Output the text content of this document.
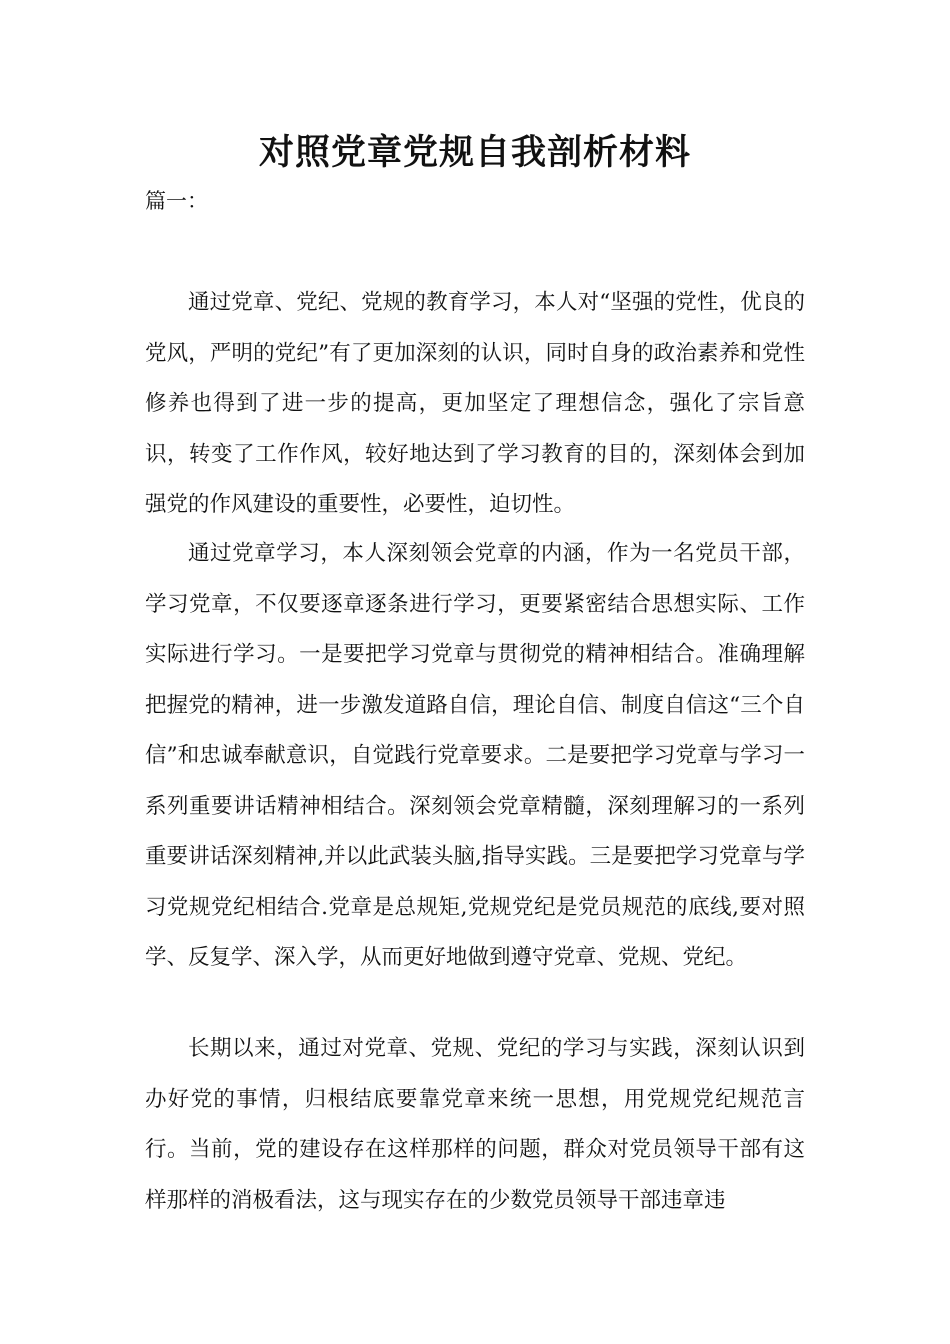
对照党章党规自我剖析材料

篇一：

通过党章、党纪、党规的教育学习，本人对“坚强的党性，优良的党风，严明的党纪”有了更加深刻的认识，同时自身的政治素养和党性修养也得到了进一步的提高，更加坚定了理想信念，强化了宗旨意识，转变了工作作风，较好地达到了学习教育的目的，深刻体会到加强党的作风建设的重要性，必要性，迫切性。

通过党章学习，本人深刻领会党章的内涵，作为一名党员干部，学习党章，不仅要逐章逐条进行学习，更要紧密结合思想实际、工作实际进行学习。一是要把学习党章与贯彻党的精神相结合。准确理解把握党的精神，进一步激发道路自信，理论自信、制度自信这“三个自信”和忠诚奉献意识，自觉践行党章要求。二是要把学习党章与学习一系列重要讲话精神相结合。深刻领会党章精髓，深刻理解习的一系列重要讲话深刻精神,并以此武装头脑,指导实践。三是要把学习党章与学习党规党纪相结合.党章是总规矩,党规党纪是党员规范的底线,要对照学、反复学、深入学，从而更好地做到遵守党章、党规、党纪。

长期以来，通过对党章、党规、党纪的学习与实践，深刻认识到办好党的事情，归根结底要靠党章来统一思想，用党规党纪规范言行。当前，党的建设存在这样那样的问题，群众对党员领导干部有这样那样的消极看法，这与现实存在的少数党员领导干部违章违
